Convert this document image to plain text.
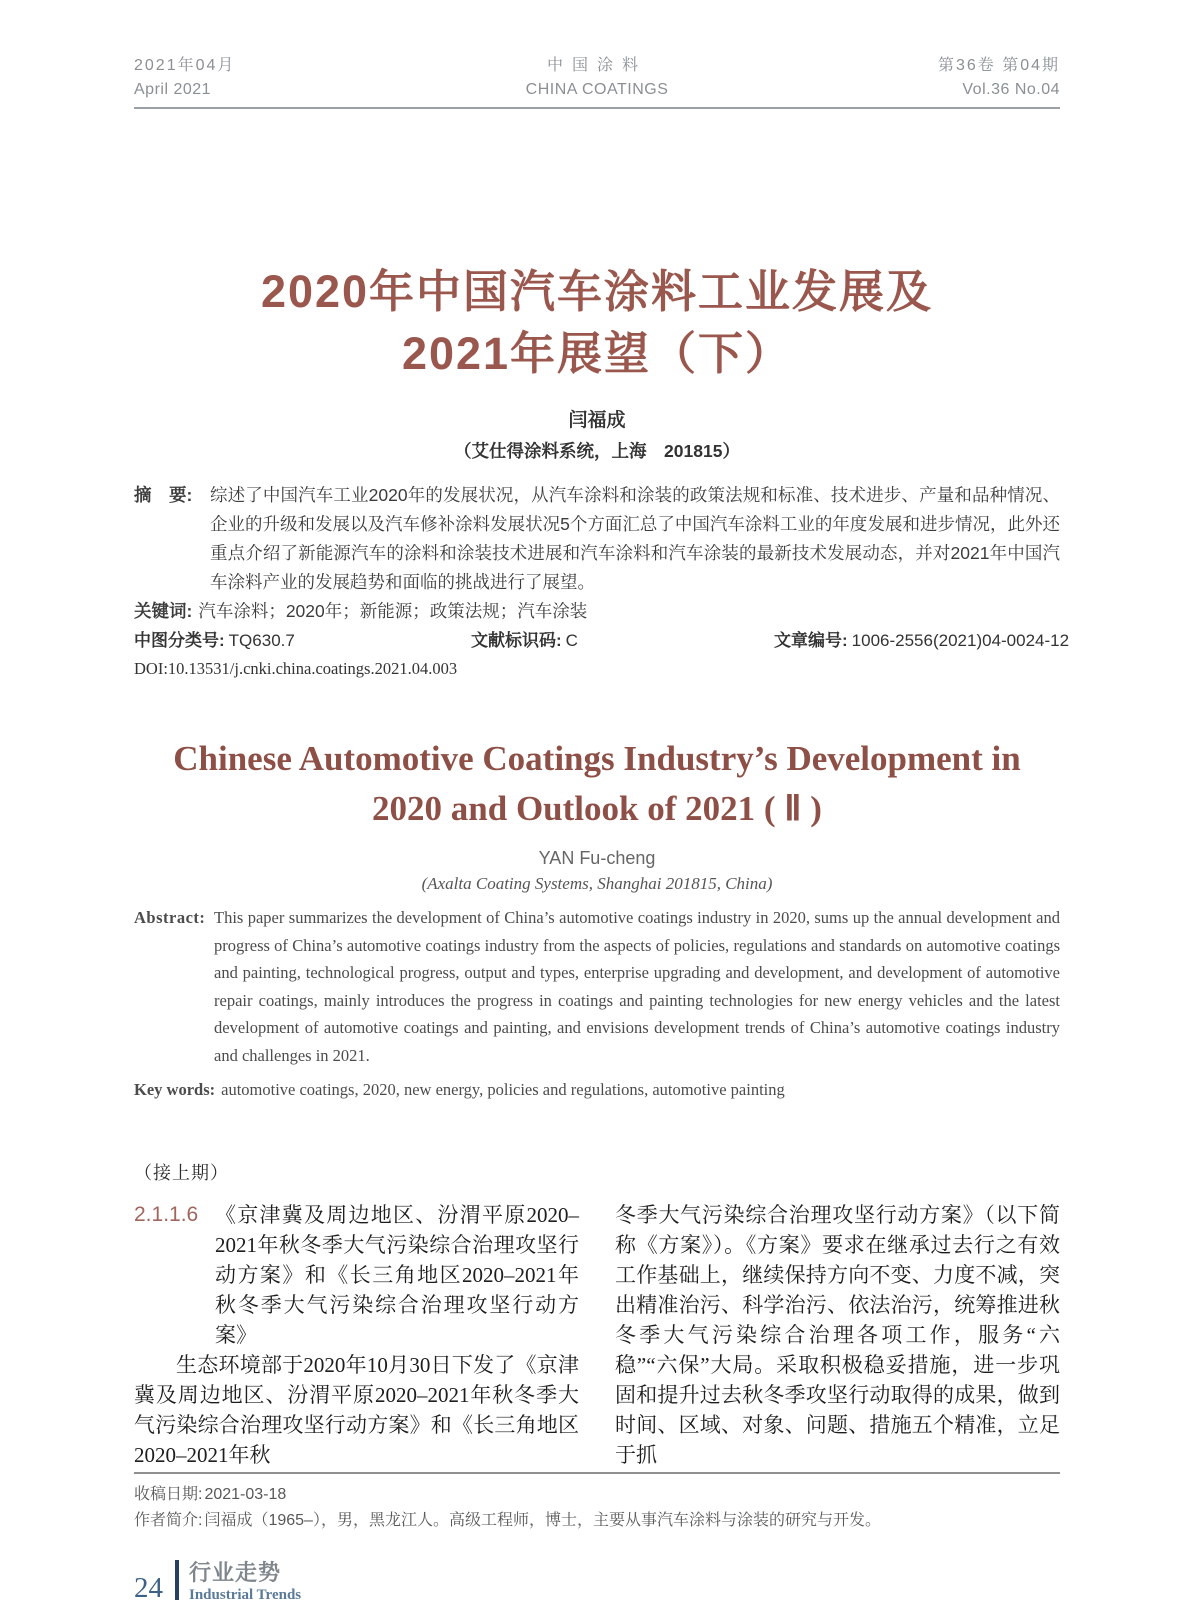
2021年04月
April 2021
中国涂料
CHINA COATINGS
第36卷 第04期
Vol.36 No.04
2020年中国汽车涂料工业发展及
2021年展望（下）
闫福成
（艾仕得涂料系统，上海　201815）
摘　要:	综述了中国汽车工业2020年的发展状况，从汽车涂料和涂装的政策法规和标准、技术进步、产量和品种情况、企业的升级和发展以及汽车修补涂料发展状况5个方面汇总了中国汽车涂料工业的年度发展和进步情况，此外还重点介绍了新能源汽车的涂料和涂装技术进展和汽车涂料和汽车涂装的最新技术发展动态，并对2021年中国汽车涂料产业的发展趋势和面临的挑战进行了展望。
关键词: 汽车涂料；2020年；新能源；政策法规；汽车涂装
中图分类号: TQ630.7	文献标识码: C	文章编号: 1006-2556(2021)04-0024-12
DOI:10.13531/j.cnki.china.coatings.2021.04.003
Chinese Automotive Coatings Industry’s Development in
2020 and Outlook of 2021 ( Ⅱ )
YAN Fu-cheng
(Axalta Coating Systems, Shanghai 201815, China)
Abstract: This paper summarizes the development of China’s automotive coatings industry in 2020, sums up the annual development and progress of China’s automotive coatings industry from the aspects of policies, regulations and standards on automotive coatings and painting, technological progress, output and types, enterprise upgrading and development, and development of automotive repair coatings, mainly introduces the progress in coatings and painting technologies for new energy vehicles and the latest development of automotive coatings and painting, and envisions development trends of China’s automotive coatings industry and challenges in 2021.
Key words: automotive coatings, 2020, new energy, policies and regulations, automotive painting
（接上期）
2.1.1.6 《京津冀及周边地区、汾渭平原2020–2021年秋冬季大气污染综合治理攻坚行动方案》和《长三角地区2020–2021年秋冬季大气污染综合治理攻坚行动方案》
生态环境部于2020年10月30日下发了《京津冀及周边地区、汾渭平原2020–2021年秋冬季大气污染综合治理攻坚行动方案》和《长三角地区2020–2021年秋
冬季大气污染综合治理攻坚行动方案》（以下简称《方案》）。《方案》要求在继承过去行之有效工作基础上，继续保持方向不变、力度不减，突出精准治污、科学治污、依法治污，统筹推进秋冬季大气污染综合治理各项工作，服务“六稳”“六保”大局。采取积极稳妥措施，进一步巩固和提升过去秋冬季攻坚行动取得的成果，做到时间、区域、对象、问题、措施五个精准，立足于抓
收稿日期: 2021-03-18
作者简介: 闫福成（1965–），男，黑龙江人。高级工程师，博士，主要从事汽车涂料与涂装的研究与开发。
24 行业走势
Industrial Trends
